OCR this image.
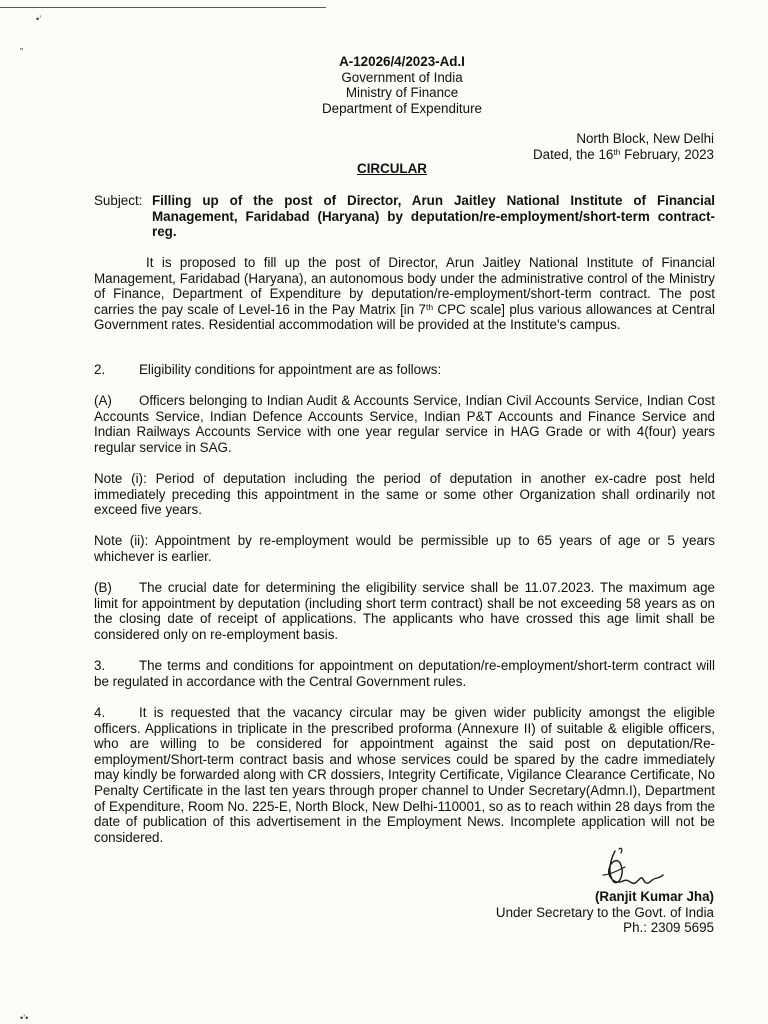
•’
„
•’•
A-12026/4/2023-Ad.I
Government of India
Ministry of Finance
Department of Expenditure
North Block, New Delhi
Dated, the 16th February, 2023
CIRCULAR
Subject: Filling up of the post of Director, Arun Jaitley National Institute of Financial Management, Faridabad (Haryana) by deputation/re-employment/short-term contract-reg.
It is proposed to fill up the post of Director, Arun Jaitley National Institute of Financial Management, Faridabad (Haryana), an autonomous body under the administrative control of the Ministry of Finance, Department of Expenditure by deputation/re-employment/short-term contract. The post carries the pay scale of Level-16 in the Pay Matrix [in 7th CPC scale] plus various allowances at Central Government rates. Residential accommodation will be provided at the Institute's campus.
2.	Eligibility conditions for appointment are as follows:
(A) Officers belonging to Indian Audit & Accounts Service, Indian Civil Accounts Service, Indian Cost Accounts Service, Indian Defence Accounts Service, Indian P&T Accounts and Finance Service and Indian Railways Accounts Service with one year regular service in HAG Grade or with 4(four) years regular service in SAG.
Note (i): Period of deputation including the period of deputation in another ex-cadre post held immediately preceding this appointment in the same or some other Organization shall ordinarily not exceed five years.
Note (ii): Appointment by re-employment would be permissible up to 65 years of age or 5 years whichever is earlier.
(B) The crucial date for determining the eligibility service shall be 11.07.2023. The maximum age limit for appointment by deputation (including short term contract) shall be not exceeding 58 years as on the closing date of receipt of applications. The applicants who have crossed this age limit shall be considered only on re-employment basis.
3.	The terms and conditions for appointment on deputation/re-employment/short-term contract will be regulated in accordance with the Central Government rules.
4.	It is requested that the vacancy circular may be given wider publicity amongst the eligible officers. Applications in triplicate in the prescribed proforma (Annexure II) of suitable & eligible officers, who are willing to be considered for appointment against the said post on deputation/Re-employment/Short-term contract basis and whose services could be spared by the cadre immediately may kindly be forwarded along with CR dossiers, Integrity Certificate, Vigilance Clearance Certificate, No Penalty Certificate in the last ten years through proper channel to Under Secretary(Admn.I), Department of Expenditure, Room No. 225-E, North Block, New Delhi-110001, so as to reach within 28 days from the date of publication of this advertisement in the Employment News. Incomplete application will not be considered.
(Ranjit Kumar Jha)
Under Secretary to the Govt. of India
Ph.: 2309 5695
